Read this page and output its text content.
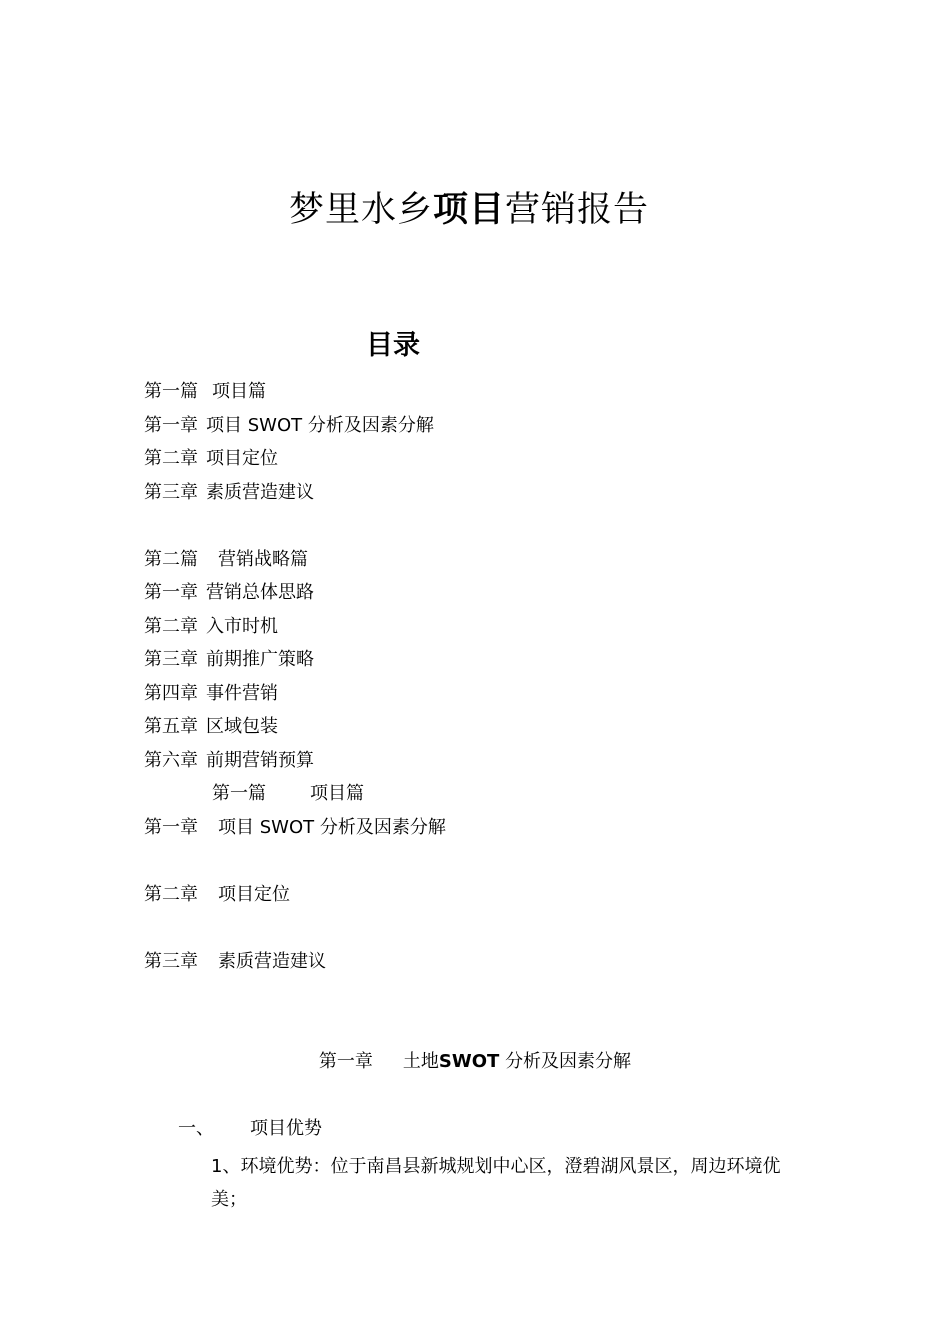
梦里水乡项目营销报告
目录
第一篇 项目篇
第一章 项目 SWOT 分析及因素分解
第二章 项目定位
第三章 素质营造建议
第二篇 营销战略篇
第一章 营销总体思路
第二章 入市时机
第三章 前期推广策略
第四章 事件营销
第五章 区域包装
第六章 前期营销预算
第一篇 项目篇
第一章 项目 SWOT 分析及因素分解
第二章 项目定位
第三章 素质营造建议
第一章 土地SWOT 分析及因素分解
一、 项目优势
1、环境优势：位于南昌县新城规划中心区，澄碧湖风景区，周边环境优美；
